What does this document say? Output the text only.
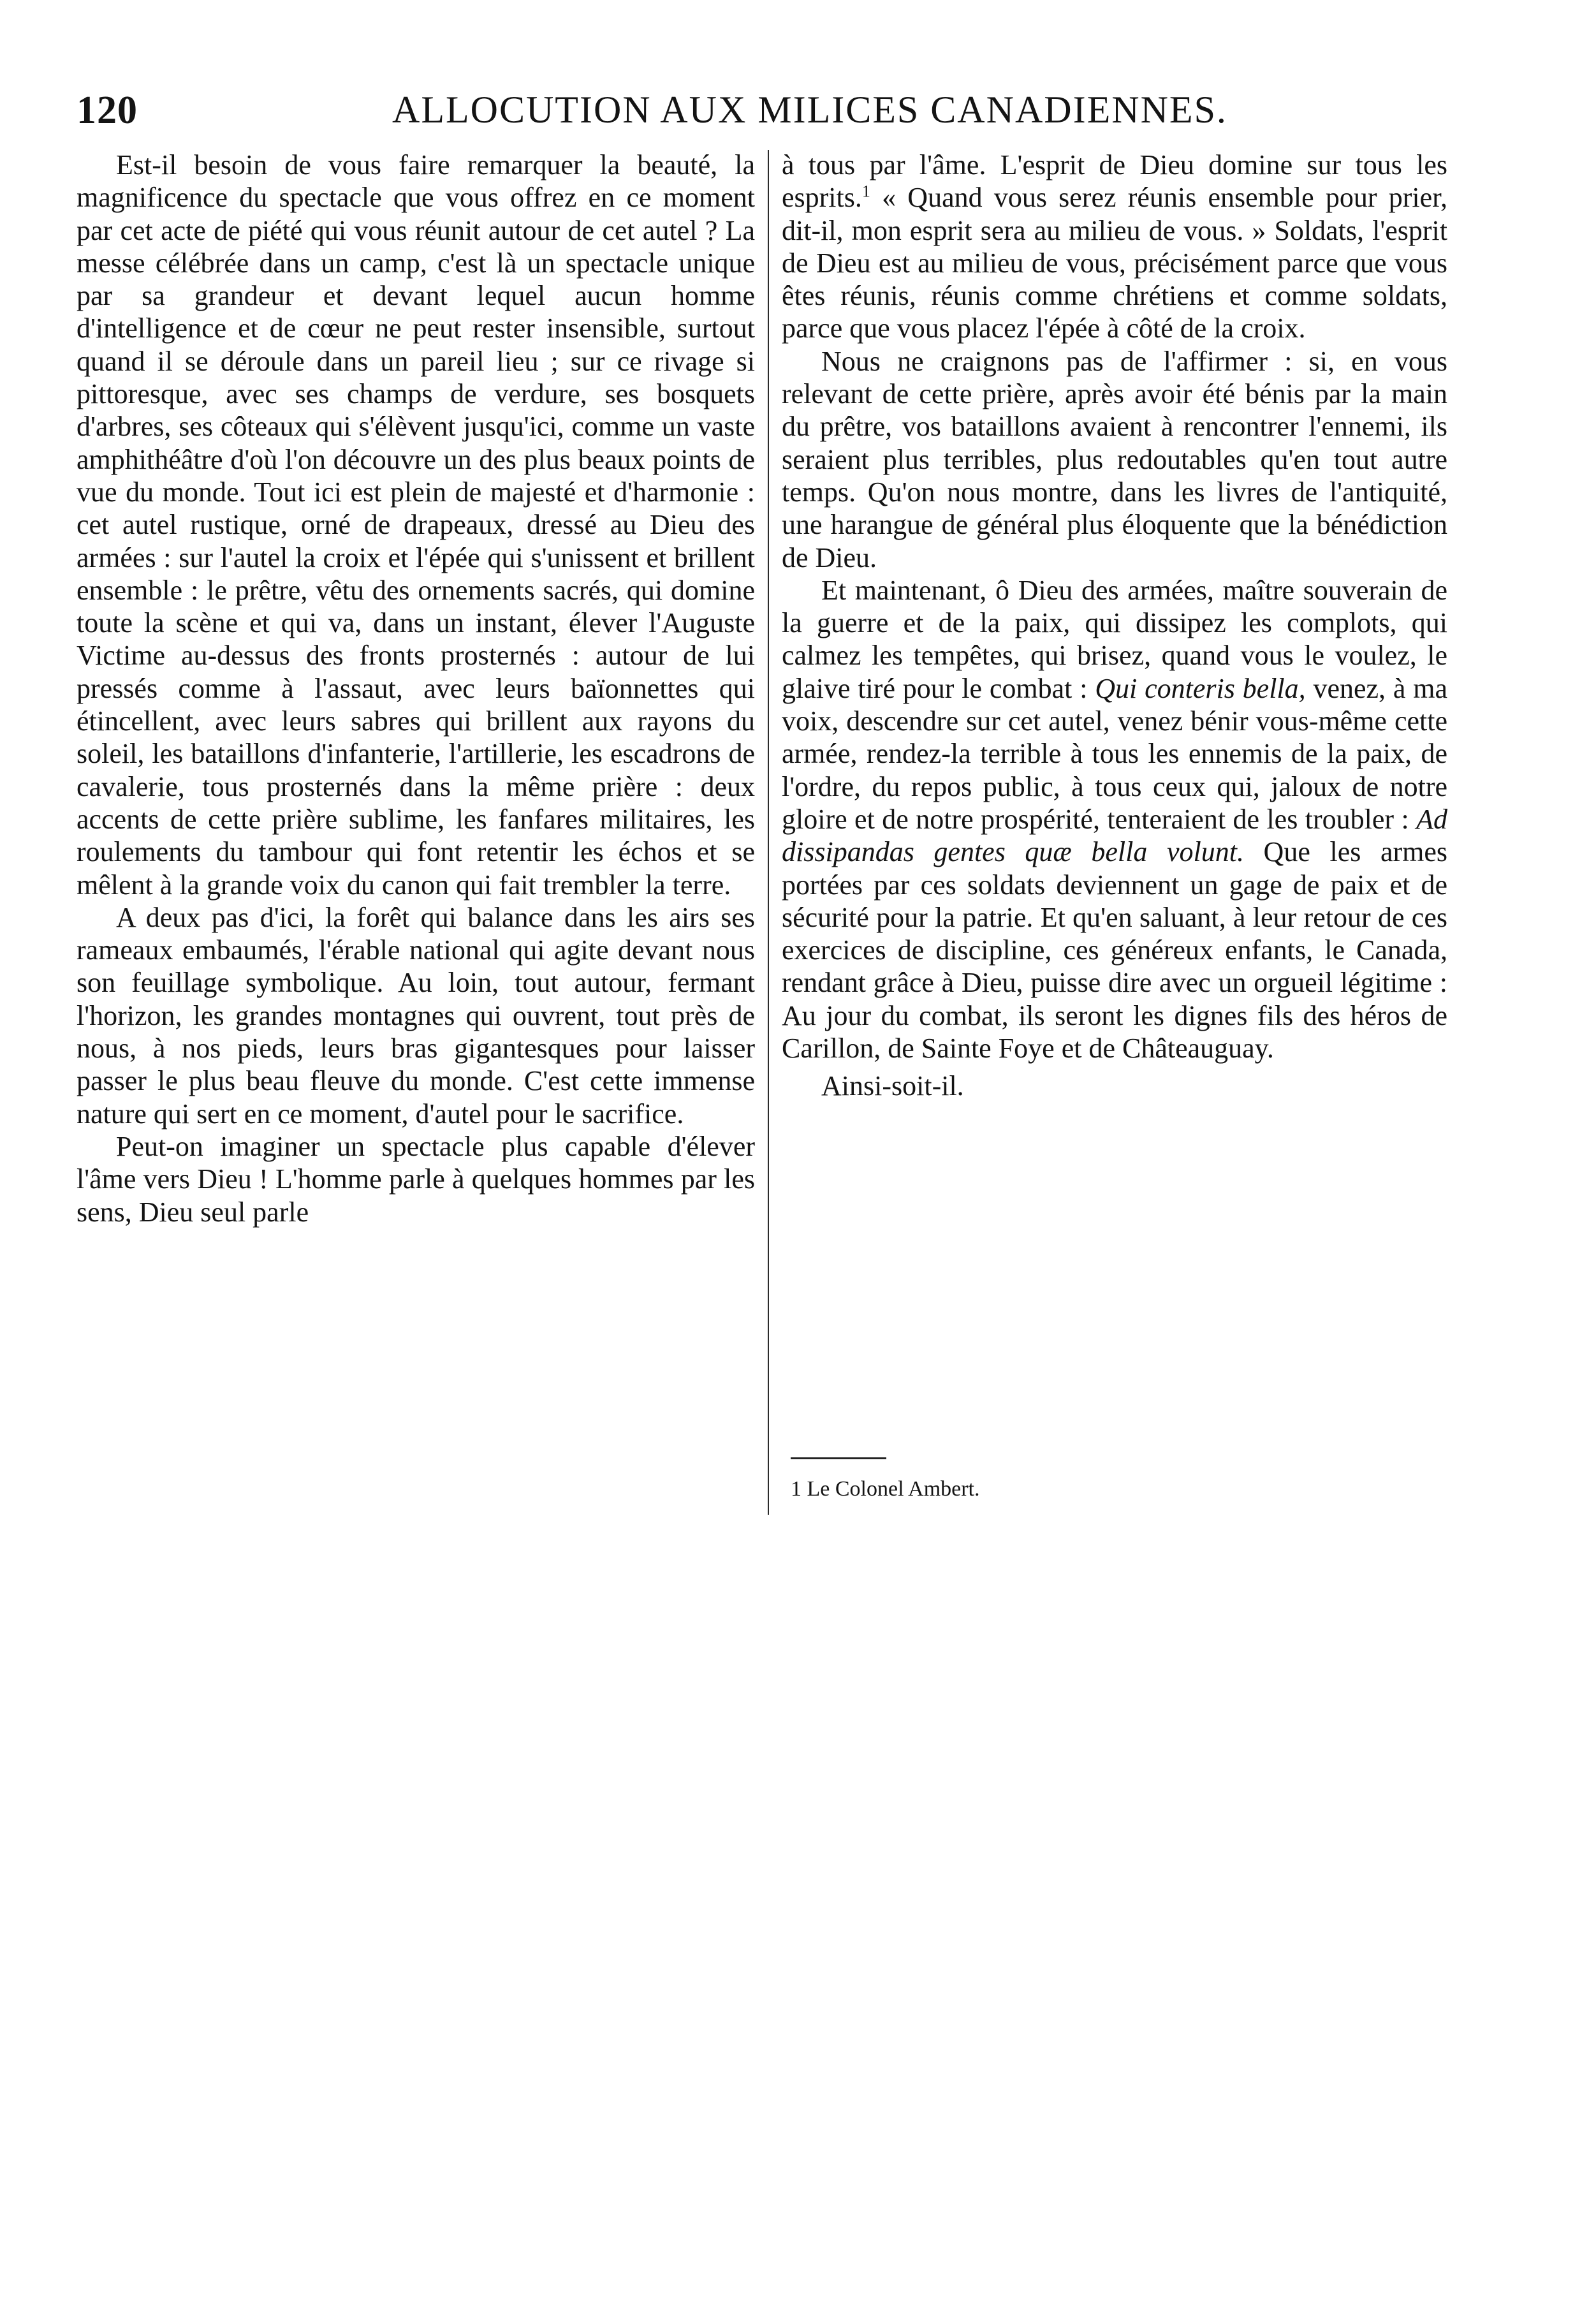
120	ALLOCUTION AUX MILICES CANADIENNES.

Est-il besoin de vous faire remarquer la beauté, la magnificence du spectacle que vous offrez en ce moment par cet acte de piété qui vous réunit autour de cet autel ? La messe célébrée dans un camp, c'est là un spectacle unique par sa grandeur et devant lequel aucun homme d'intelligence et de cœur ne peut rester insensible, surtout quand il se déroule dans un pareil lieu ; sur ce rivage si pittoresque, avec ses champs de verdure, ses bosquets d'arbres, ses côteaux qui s'élèvent jusqu'ici, comme un vaste amphithéâtre d'où l'on découvre un des plus beaux points de vue du monde. Tout ici est plein de majesté et d'harmonie : cet autel rustique, orné de drapeaux, dressé au Dieu des armées : sur l'autel la croix et l'épée qui s'unissent et brillent ensemble : le prêtre, vêtu des ornements sacrés, qui domine toute la scène et qui va, dans un instant, élever l'Auguste Victime au-dessus des fronts prosternés : autour de lui pressés comme à l'assaut, avec leurs baïonnettes qui étincellent, avec leurs sabres qui brillent aux rayons du soleil, les bataillons d'infanterie, l'artillerie, les escadrons de cavalerie, tous prosternés dans la même prière : deux accents de cette prière sublime, les fanfares militaires, les roulements du tambour qui font retentir les échos et se mêlent à la grande voix du canon qui fait trembler la terre.

A deux pas d'ici, la forêt qui balance dans les airs ses rameaux embaumés, l'érable national qui agite devant nous son feuillage symbolique. Au loin, tout autour, fermant l'horizon, les grandes montagnes qui ouvrent, tout près de nous, à nos pieds, leurs bras gigantesques pour laisser passer le plus beau fleuve du monde. C'est cette immense nature qui sert en ce moment, d'autel pour le sacrifice.

Peut-on imaginer un spectacle plus capable d'élever l'âme vers Dieu ! L'homme parle à quelques hommes par les sens, Dieu seul parle

à tous par l'âme. L'esprit de Dieu domine sur tous les esprits.$^1$ « Quand vous serez réunis ensemble pour prier, dit-il, mon esprit sera au milieu de vous. » Soldats, l'esprit de Dieu est au milieu de vous, précisément parce que vous êtes réunis, réunis comme chrétiens et comme soldats, parce que vous placez l'épée à côté de la croix.

Nous ne craignons pas de l'affirmer : si, en vous relevant de cette prière, après avoir été bénis par la main du prêtre, vos bataillons avaient à rencontrer l'ennemi, ils seraient plus terribles, plus redoutables qu'en tout autre temps. Qu'on nous montre, dans les livres de l'antiquité, une harangue de général plus éloquente que la bénédiction de Dieu.

Et maintenant, ô Dieu des armées, maître souverain de la guerre et de la paix, qui dissipez les complots, qui calmez les tempêtes, qui brisez, quand vous le voulez, le glaive tiré pour le combat : Qui conteris bella, venez, à ma voix, descendre sur cet autel, venez bénir vous-même cette armée, rendez-la terrible à tous les ennemis de la paix, de l'ordre, du repos public, à tous ceux qui, jaloux de notre gloire et de notre prospérité, tenteraient de les troubler : Ad dissipandas gentes quæ bella volunt. Que les armes portées par ces soldats deviennent un gage de paix et de sécurité pour la patrie. Et qu'en saluant, à leur retour de ces exercices de discipline, ces généreux enfants, le Canada, rendant grâce à Dieu, puisse dire avec un orgueil légitime : Au jour du combat, ils seront les dignes fils des héros de Carillon, de Sainte Foye et de Châteauguay.

Ainsi-soit-il.

1 Le Colonel Ambert.
